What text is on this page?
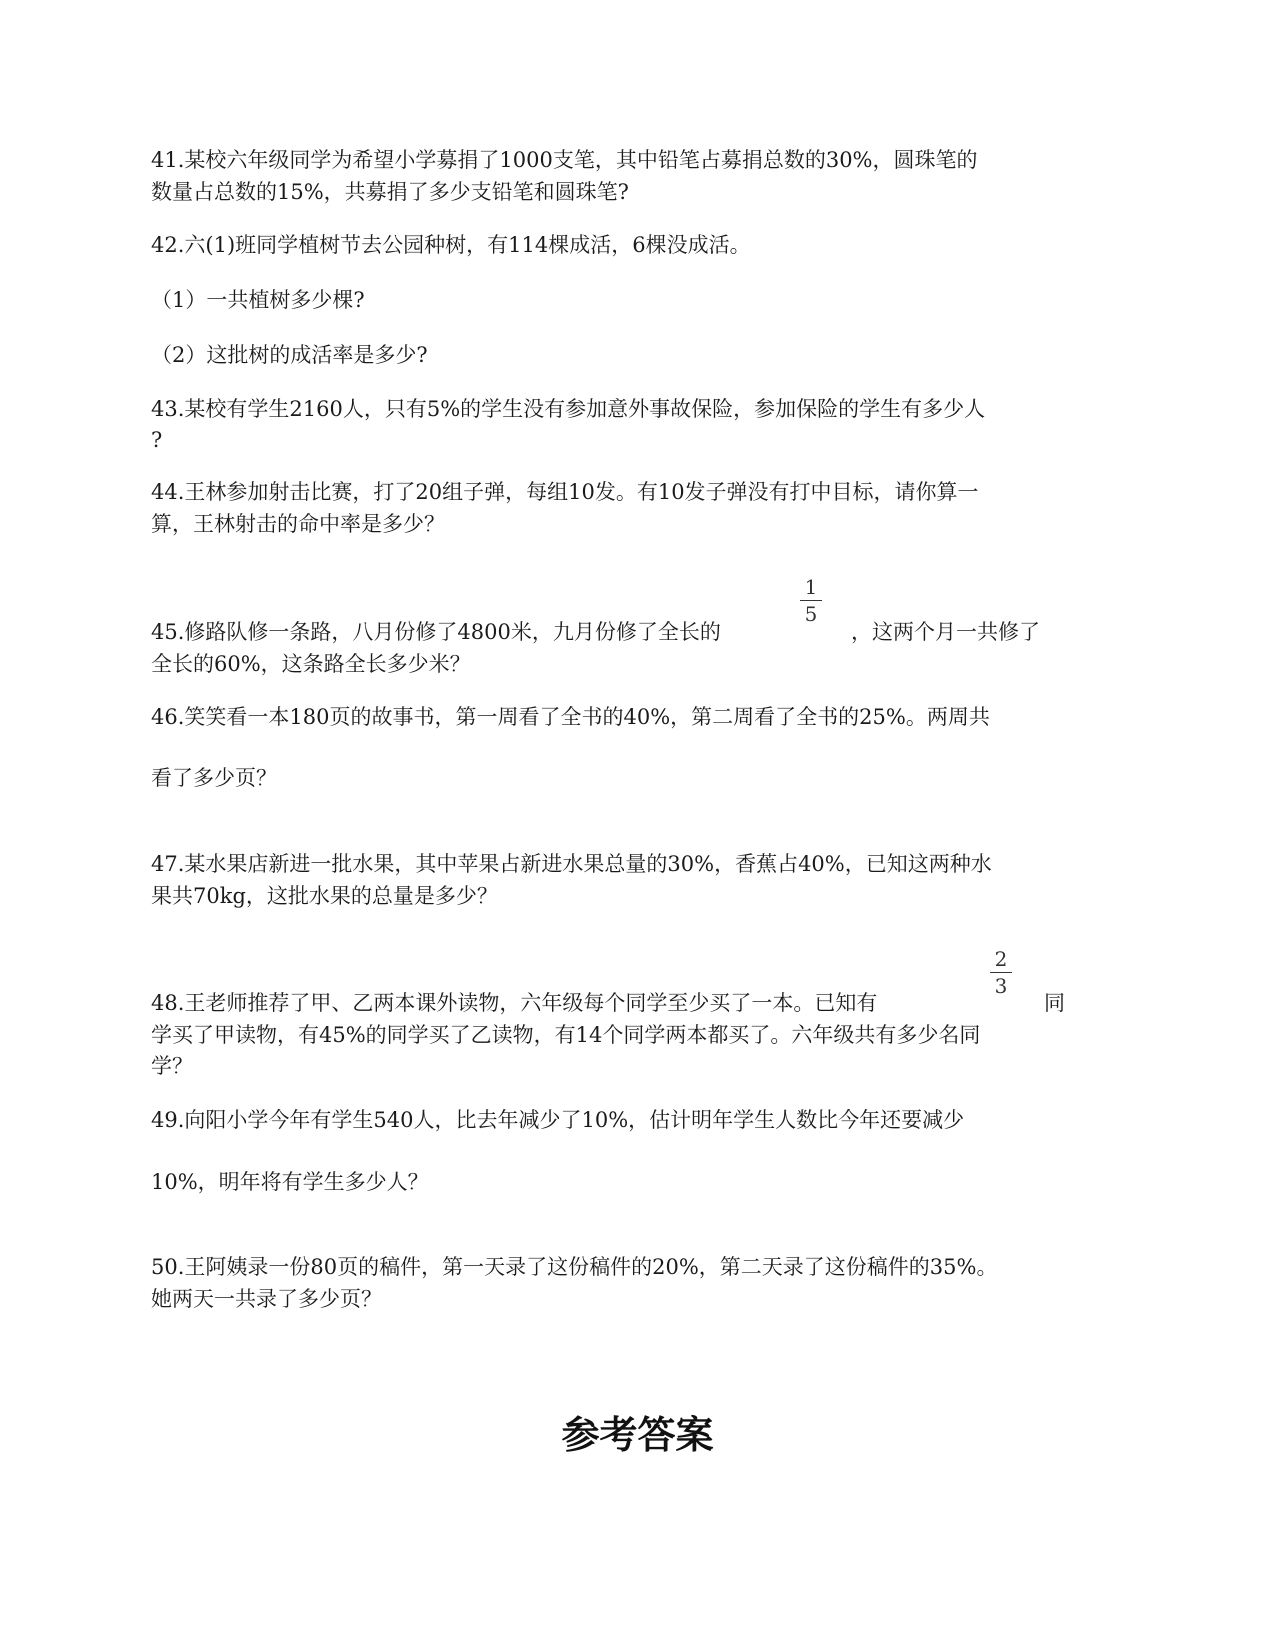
41.某校六年级同学为希望小学募捐了1000支笔，其中铅笔占募捐总数的30%，圆珠笔的
数量占总数的15%，共募捐了多少支铅笔和圆珠笔?
42.六(1)班同学植树节去公园种树，有114棵成活，6棵没成活。
（1）一共植树多少棵?
（2）这批树的成活率是多少?
43.某校有学生2160人，只有5%的学生没有参加意外事故保险，参加保险的学生有多少人
?
44.王林参加射击比赛，打了20组子弹，每组10发。有10发子弹没有打中目标，请你算一
算，王林射击的命中率是多少？
1
5
45.修路队修一条路，八月份修了4800米，九月份修了全长的	，这两个月一共修了
全长的60%，这条路全长多少米？
46.笑笑看一本180页的故事书，第一周看了全书的40%，第二周看了全书的25%。两周共
看了多少页？
47.某水果店新进一批水果，其中苹果占新进水果总量的30%，香蕉占40%，已知这两种水
果共70kg，这批水果的总量是多少？
2
3
48.王老师推荐了甲、乙两本课外读物，六年级每个同学至少买了一本。已知有	同
学买了甲读物，有45%的同学买了乙读物，有14个同学两本都买了。六年级共有多少名同
学？
49.向阳小学今年有学生540人，比去年减少了10%，估计明年学生人数比今年还要减少
10%，明年将有学生多少人？
50.王阿姨录一份80页的稿件，第一天录了这份稿件的20%，第二天录了这份稿件的35%。
她两天一共录了多少页？
参考答案
